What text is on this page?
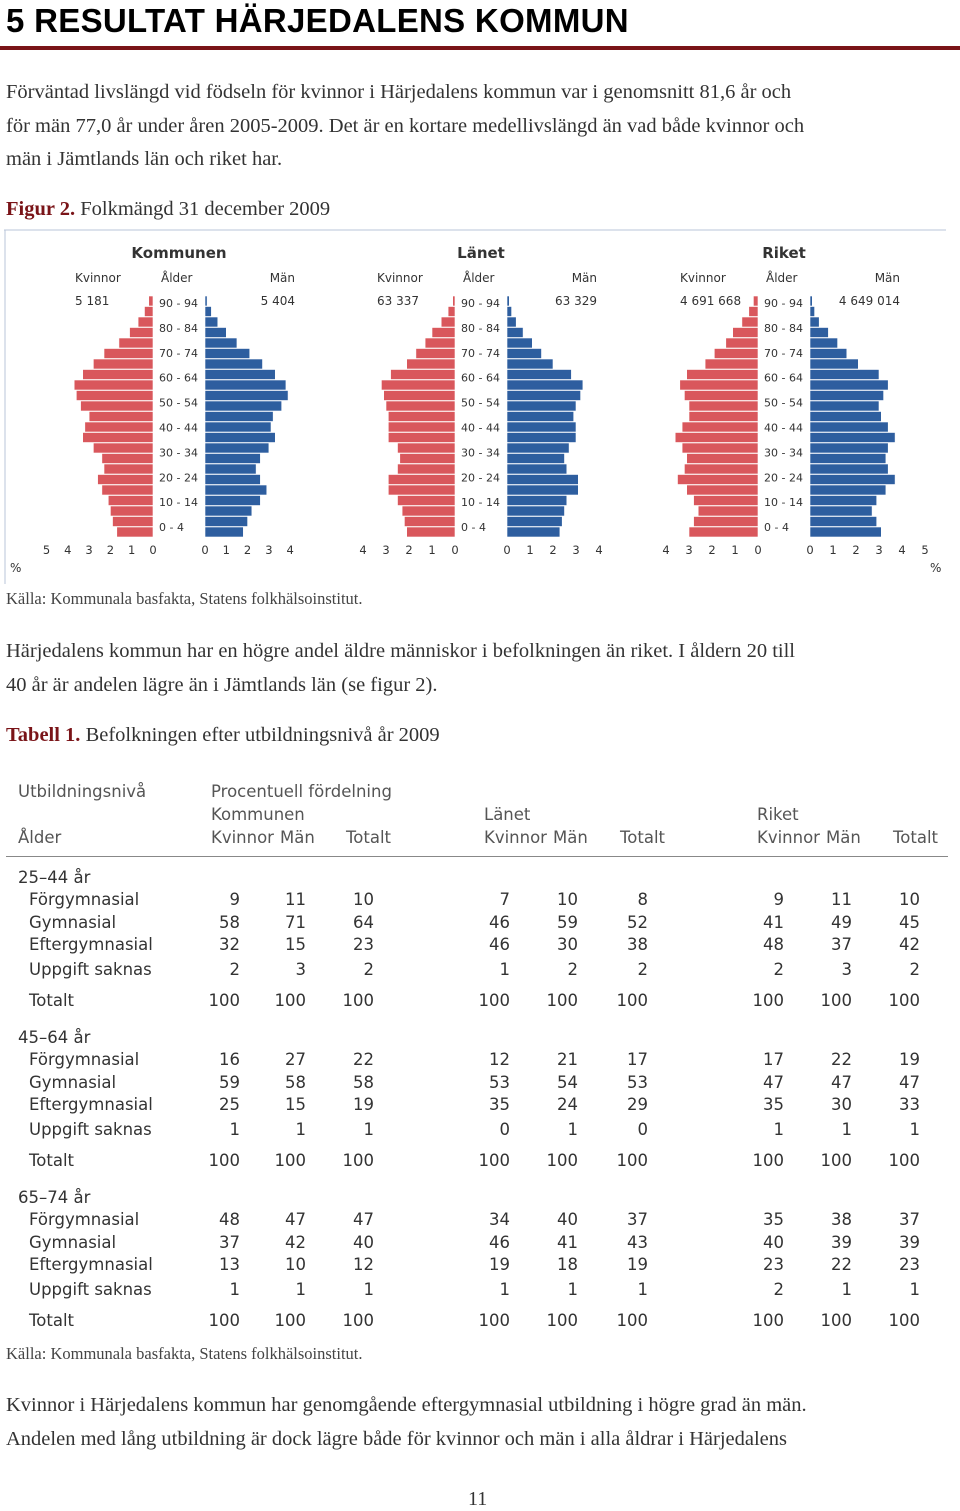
5 RESULTAT HÄRJEDALENS KOMMUN
Förväntad livslängd vid födseln för kvinnor i Härjedalens kommun var i genomsnitt 81,6 år och
för män 77,0 år under åren 2005-2009. Det är en kortare medellivslängd än vad både kvinnor och
män i Jämtlands län och riket har.
Figur 2. Folkmängd 31 december 2009
Kommunen
Kvinnor	Ålder	Män
5 181	5 404
90 - 94
80 - 84
70 - 74
60 - 64
50 - 54
40 - 44
30 - 34
20 - 24
10 - 14
0 - 4
5 4 3 2 1 0	0 1 2 3 4
Länet
Kvinnor	Ålder	Män
63 337	63 329
90 - 94
80 - 84
70 - 74
60 - 64
50 - 54
40 - 44
30 - 34
20 - 24
10 - 14
0 - 4
4 3 2 1 0	0 1 2 3 4
Riket
Kvinnor	Ålder	Män
4 691 668	4 649 014
90 - 94
80 - 84
70 - 74
60 - 64
50 - 54
40 - 44
30 - 34
20 - 24
10 - 14
0 - 4
4 3 2 1 0	0 1 2 3 4 5
%	%
Källa: Kommunala basfakta, Statens folkhälsoinstitut.
Härjedalens kommun har en högre andel äldre människor i befolkningen än riket. I åldern 20 till
40 år är andelen lägre än i Jämtlands län (se figur 2).
Tabell 1. Befolkningen efter utbildningsnivå år 2009
Utbildningsnivå	Procentuell fördelning
Kommunen	Länet	Riket
Ålder	Kvinnor Män Totalt	Kvinnor Män Totalt	Kvinnor Män Totalt
25–44 år
Förgymnasial	9	11	10	7	10	8	9	11	10
Gymnasial	58	71	64	46	59	52	41	49	45
Eftergymnasial	32	15	23	46	30	38	48	37	42
Uppgift saknas	2	3	2	1	2	2	2	3	2
Totalt	100	100	100	100	100	100	100	100	100
45–64 år
Förgymnasial	16	27	22	12	21	17	17	22	19
Gymnasial	59	58	58	53	54	53	47	47	47
Eftergymnasial	25	15	19	35	24	29	35	30	33
Uppgift saknas	1	1	1	0	1	0	1	1	1
Totalt	100	100	100	100	100	100	100	100	100
65–74 år
Förgymnasial	48	47	47	34	40	37	35	38	37
Gymnasial	37	42	40	46	41	43	40	39	39
Eftergymnasial	13	10	12	19	18	19	23	22	23
Uppgift saknas	1	1	1	1	1	1	2	1	1
Totalt	100	100	100	100	100	100	100	100	100
Källa: Kommunala basfakta, Statens folkhälsoinstitut.
Kvinnor i Härjedalens kommun har genomgående eftergymnasial utbildning i högre grad än män.
Andelen med lång utbildning är dock lägre både för kvinnor och män i alla åldrar i Härjedalens
11
